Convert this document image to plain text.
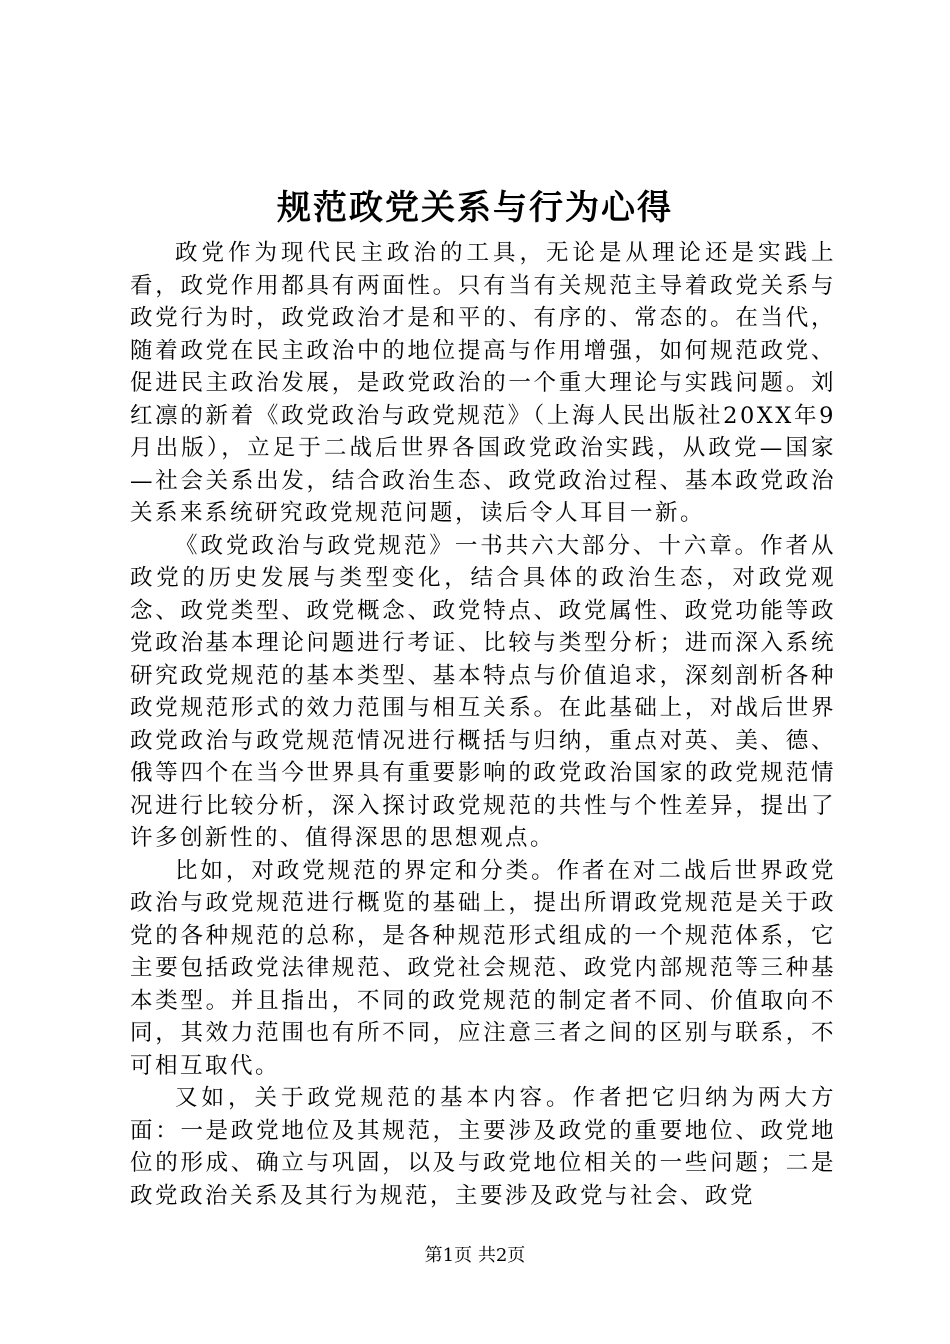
规范政党关系与行为心得

政党作为现代民主政治的工具，无论是从理论还是实践上看，政党作用都具有两面性。只有当有关规范主导着政党关系与政党行为时，政党政治才是和平的、有序的、常态的。在当代，随着政党在民主政治中的地位提高与作用增强，如何规范政党、促进民主政治发展，是政党政治的一个重大理论与实践问题。刘红凛的新着《政党政治与政党规范》（上海人民出版社20XX年9月出版），立足于二战后世界各国政党政治实践，从政党—国家—社会关系出发，结合政治生态、政党政治过程、基本政党政治关系来系统研究政党规范问题，读后令人耳目一新。

《政党政治与政党规范》一书共六大部分、十六章。作者从政党的历史发展与类型变化，结合具体的政治生态，对政党观念、政党类型、政党概念、政党特点、政党属性、政党功能等政党政治基本理论问题进行考证、比较与类型分析；进而深入系统研究政党规范的基本类型、基本特点与价值追求，深刻剖析各种政党规范形式的效力范围与相互关系。在此基础上，对战后世界政党政治与政党规范情况进行概括与归纳，重点对英、美、德、俄等四个在当今世界具有重要影响的政党政治国家的政党规范情况进行比较分析，深入探讨政党规范的共性与个性差异，提出了许多创新性的、值得深思的思想观点。

比如，对政党规范的界定和分类。作者在对二战后世界政党政治与政党规范进行概览的基础上，提出所谓政党规范是关于政党的各种规范的总称，是各种规范形式组成的一个规范体系，它主要包括政党法律规范、政党社会规范、政党内部规范等三种基本类型。并且指出，不同的政党规范的制定者不同、价值取向不同，其效力范围也有所不同，应注意三者之间的区别与联系，不可相互取代。

又如，关于政党规范的基本内容。作者把它归纳为两大方面：一是政党地位及其规范，主要涉及政党的重要地位、政党地位的形成、确立与巩固，以及与政党地位相关的一些问题；二是政党政治关系及其行为规范，主要涉及政党与社会、政党

第1页 共2页
